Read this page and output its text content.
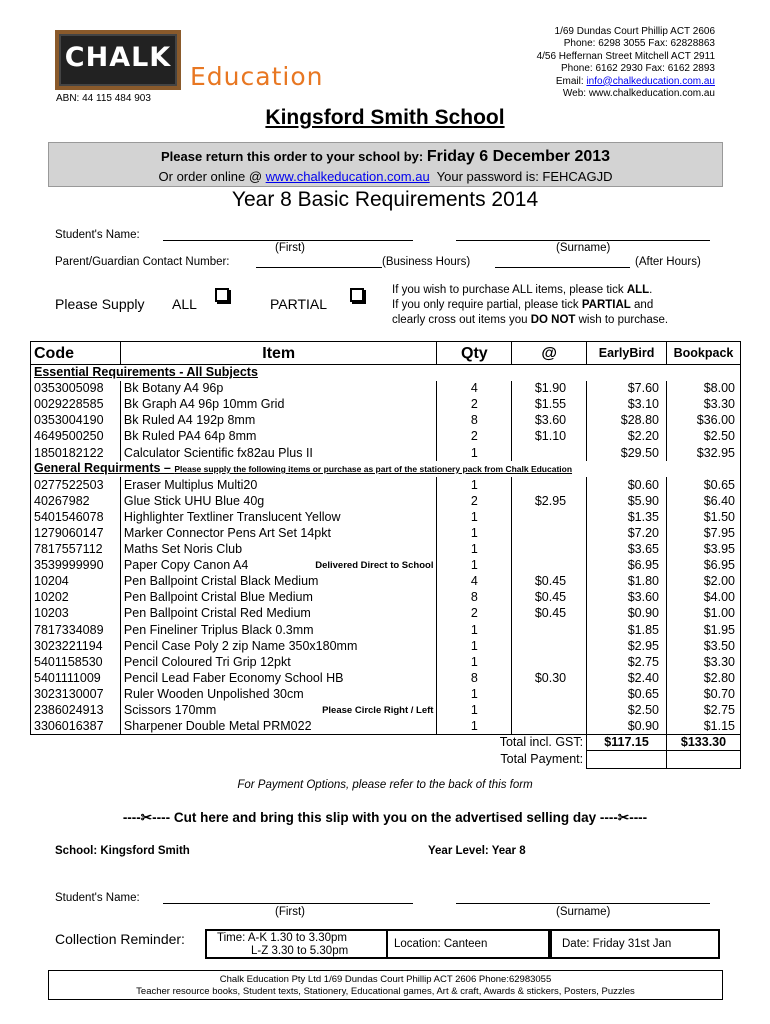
CHALK
Education
ABN: 44 115 484 903
1/69 Dundas Court Phillip ACT 2606
Phone: 6298 3055 Fax: 62828863
4/56 Heffernan Street Mitchell ACT 2911
Phone: 6162 2930 Fax: 6162 2893
Email: info@chalkeducation.com.au
Web: www.chalkeducation.com.au
Kingsford Smith School
Please return this order to your school by: Friday 6 December 2013
Or order online @ www.chalkeducation.com.au  Your password is: FEHCAGJD
Year 8 Basic Requirements 2014
Student's Name:
(First)	(Surname)
Parent/Guardian Contact Number:	(Business Hours)	(After Hours)
Please Supply ALL	PARTIAL
If you wish to purchase ALL items, please tick ALL.
If you only require partial, please tick PARTIAL and
clearly cross out items you DO NOT wish to purchase.
Code	Item	Qty	@	EarlyBird	Bookpack
Essential Requirements - All Subjects					
0353005098	Bk Botany A4 96p	4	$1.90	$7.60	$8.00
0029228585	Bk Graph A4 96p 10mm Grid	2	$1.55	$3.10	$3.30
0353004190	Bk Ruled A4 192p 8mm	8	$3.60	$28.80	$36.00
4649500250	Bk Ruled PA4 64p 8mm	2	$1.10	$2.20	$2.50
1850182122	Calculator Scientific fx82au Plus II	1		$29.50	$32.95
General Requirments – Please supply the following items or purchase as part of the stationery pack from Chalk Education					
0277522503	Eraser Multiplus Multi20	1		$0.60	$0.65
40267982	Glue Stick UHU Blue 40g	2	$2.95	$5.90	$6.40
5401546078	Highlighter Textliner Translucent Yellow	1		$1.35	$1.50
1279060147	Marker Connector Pens Art Set 14pkt	1		$7.20	$7.95
7817557112	Maths Set Noris Club	1		$3.65	$3.95
3539999990	Paper Copy Canon A4 Delivered Direct to School	1		$6.95	$6.95
10204	Pen Ballpoint Cristal Black Medium	4	$0.45	$1.80	$2.00
10202	Pen Ballpoint Cristal Blue Medium	8	$0.45	$3.60	$4.00
10203	Pen Ballpoint Cristal Red Medium	2	$0.45	$0.90	$1.00
7817334089	Pen Fineliner Triplus Black 0.3mm	1		$1.85	$1.95
3023221194	Pencil Case Poly 2 zip Name 350x180mm	1		$2.95	$3.50
5401158530	Pencil Coloured Tri Grip 12pkt	1		$2.75	$3.30
5401111009	Pencil Lead Faber Economy School HB	8	$0.30	$2.40	$2.80
3023130007	Ruler Wooden Unpolished 30cm	1		$0.65	$0.70
2386024913	Scissors 170mm Please Circle Right / Left	1		$2.50	$2.75
3306016387	Sharpener Double Metal PRM022	1		$0.90	$1.15
	Total incl. GST:			$117.15	$133.30
	Total Payment:				
For Payment Options, please refer to the back of this form
----✂---- Cut here and bring this slip with you on the advertised selling day ----✂----
School: Kingsford Smith	Year Level: Year 8
Student's Name:
(First)	(Surname)
Collection Reminder:	Time: A-K 1.30 to 3.30pm
L-Z 3.30 to 5.30pm
Location: Canteen	Date: Friday 31st Jan
Chalk Education Pty Ltd 1/69 Dundas Court Phillip ACT 2606 Phone:62983055
Teacher resource books, Student texts, Stationery, Educational games, Art & craft, Awards & stickers, Posters, Puzzles
